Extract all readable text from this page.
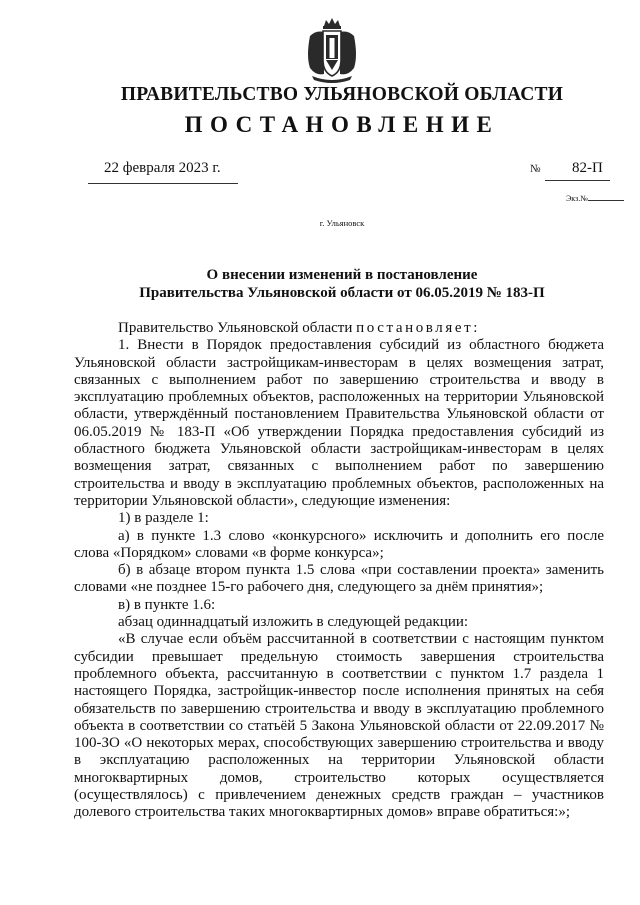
ПРАВИТЕЛЬСТВО УЛЬЯНОВСКОЙ ОБЛАСТИ
ПОСТАНОВЛЕНИЕ
22 февраля 2023 г.	№ 82-П
Экз.№
г. Ульяновск
О внесении изменений в постановление
Правительства Ульяновской области от 06.05.2019 № 183-П

Правительство Ульяновской области постановляет:

1. Внести в Порядок предоставления субсидий из областного бюджета Ульяновской области застройщикам-инвесторам в целях возмещения затрат, связанных с выполнением работ по завершению строительства и вводу в эксплуатацию проблемных объектов, расположенных на территории Ульяновской области, утверждённый постановлением Правительства Ульяновской области от 06.05.2019 № 183-П «Об утверждении Порядка предоставления субсидий из областного бюджета Ульяновской области застройщикам-инвесторам в целях возмещения затрат, связанных с выполнением работ по завершению строительства и вводу в эксплуатацию проблемных объектов, расположенных на территории Ульяновской области», следующие изменения:

1) в разделе 1:

а) в пункте 1.3 слово «конкурсного» исключить и дополнить его после слова «Порядком» словами «в форме конкурса»;

б) в абзаце втором пункта 1.5 слова «при составлении проекта» заменить словами «не позднее 15-го рабочего дня, следующего за днём принятия»;

в) в пункте 1.6:

абзац одиннадцатый изложить в следующей редакции:

«В случае если объём рассчитанной в соответствии с настоящим пунктом субсидии превышает предельную стоимость завершения строительства проблемного объекта, рассчитанную в соответствии с пунктом 1.7 раздела 1 настоящего Порядка, застройщик-инвестор после исполнения принятых на себя обязательств по завершению строительства и вводу в эксплуатацию проблемного объекта в соответствии со статьёй 5 Закона Ульяновской области от 22.09.2017 № 100-ЗО «О некоторых мерах, способствующих завершению строительства и вводу в эксплуатацию расположенных на территории Ульяновской области многоквартирных домов, строительство которых осуществляется (осуществлялось) с привлечением денежных средств граждан – участников долевого строительства таких многоквартирных домов» вправе обратиться:»;
